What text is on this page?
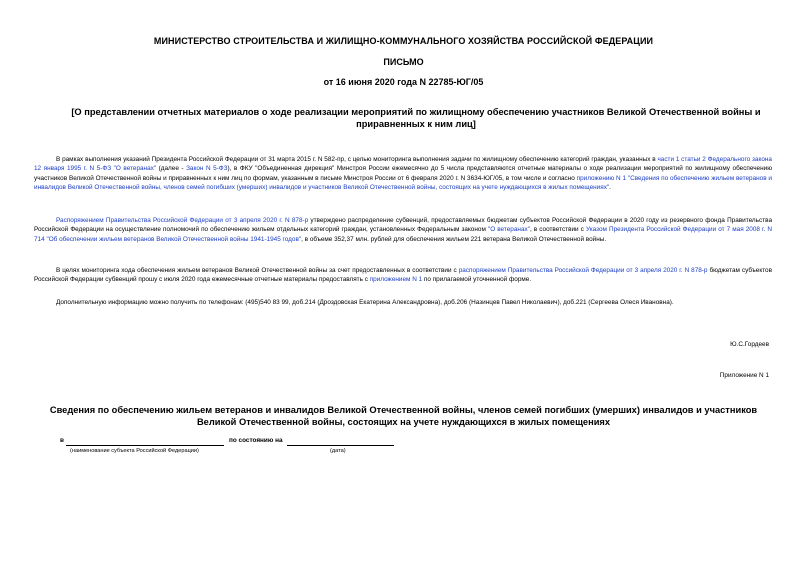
МИНИСТЕРСТВО СТРОИТЕЛЬСТВА И ЖИЛИЩНО-КОММУНАЛЬНОГО ХОЗЯЙСТВА РОССИЙСКОЙ ФЕДЕРАЦИИ
ПИСЬМО
от 16 июня 2020 года N 22785-ЮГ/05
[О представлении отчетных материалов о ходе реализации мероприятий по жилищному обеспечению участников Великой Отечественной войны и приравненных к ним лиц]
В рамках выполнения указаний Президента Российской Федерации от 31 марта 2015 г. N 582-пр, с целью мониторинга выполнения задачи по жилищному обеспечению категорий граждан, указанных в части 1 статьи 2 Федерального закона 12 января 1995 г. N 5-ФЗ "О ветеранах" (далее - Закон N 5-ФЗ), в ФКУ "Объединенная дирекция" Минстроя России ежемесячно до 5 числа представляются отчетные материалы о ходе реализации мероприятий по жилищному обеспечению участников Великой Отечественной войны и приравненных к ним лиц по формам, указанным в письме Минстроя России от 6 февраля 2020 г. N 3634-ЮГ/05, в том числе и согласно приложению N 1 "Сведения по обеспечению жильем ветеранов и инвалидов Великой Отечественной войны, членов семей погибших (умерших) инвалидов и участников Великой Отечественной войны, состоящих на учете нуждающихся в жилых помещениях".
Распоряжением Правительства Российской Федерации от 3 апреля 2020 г. N 878-р утверждено распределение субвенций, предоставляемых бюджетам субъектов Российской Федерации в 2020 году из резервного фонда Правительства Российской Федерации на осуществление полномочий по обеспечению жильем отдельных категорий граждан, установленных Федеральным законом "О ветеранах", в соответствии с Указом Президента Российской Федерации от 7 мая 2008 г. N 714 "Об обеспечении жильем ветеранов Великой Отечественной войны 1941-1945 годов", в объеме 352,37 млн. рублей для обеспечения жильем 221 ветерана Великой Отечественной войны.
В целях мониторинга хода обеспечения жильем ветеранов Великой Отечественной войны за счет предоставленных в соответствии с распоряжением Правительства Российской Федерации от 3 апреля 2020 г. N 878-р бюджетам субъектов Российской Федерации субвенций прошу с июля 2020 года ежемесячные отчетные материалы предоставлять с приложением N 1 по прилагаемой уточненной форме.
Дополнительную информацию можно получить по телефонам: (495)540 83 99, доб.214 (Дроздовская Екатерина Александровна), доб.206 (Назинцев Павел Николаевич), доб.221 (Сергеева Олеся Ивановна).
Ю.С.Гордеев
Приложение N 1
Сведения по обеспечению жильем ветеранов и инвалидов Великой Отечественной войны, членов семей погибших (умерших) инвалидов и участников Великой Отечественной войны, состоящих на учете нуждающихся в жилых помещениях
в	по состоянию на
(наименование субъекта Российской Федерации)	(дата)
